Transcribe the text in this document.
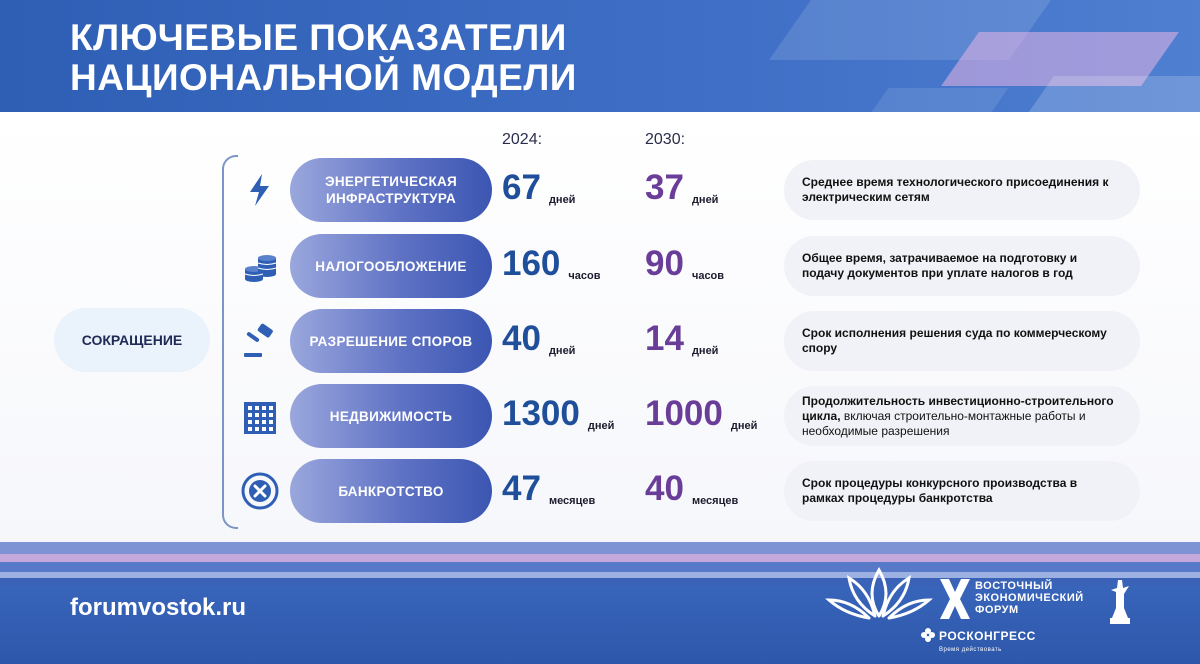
КЛЮЧЕВЫЕ ПОКАЗАТЕЛИ
НАЦИОНАЛЬНОЙ МОДЕЛИ
2024:	2030:
СОКРАЩЕНИЕ
ЭНЕРГЕТИЧЕСКАЯ ИНФРАСТРУКТУРА	67 дней 37 дней
Среднее время технологического присоединения к электрическим сетям
НАЛОГООБЛОЖЕНИЕ 160 часов 90 часов
Общее время, затрачиваемое на подготовку и подачу документов при уплате налогов в год
РАЗРЕШЕНИЕ СПОРОВ 40 дней 14 дней
Срок исполнения решения суда по коммерческому спору
НЕДВИЖИМОСТЬ 1300 дней 1000 дней
Продолжительность инвестиционно-строительного цикла, включая строительно-монтажные работы и необходимые разрешения
БАНКРОТСТВО 47 месяцев 40 месяцев
Срок процедуры конкурсного производства в рамках процедуры банкротства
forumvostok.ru
ВОСТОЧНЫЙ
ЭКОНОМИЧЕСКИЙ
ФОРУМ
РОСКОНГРЕСС
Время действовать
